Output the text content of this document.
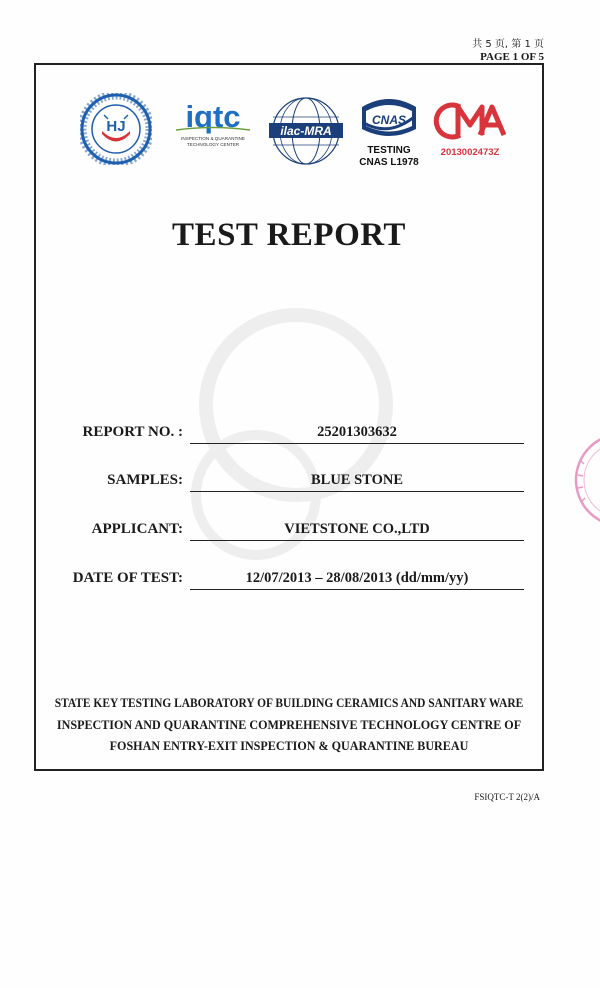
共 5 页, 第 1 页
PAGE 1 OF 5
HJ iqtc
INSPECTION & QUARANTINE
TECHNOLOGY CENTER
ilac-MRA
CNAS
TESTING
CNAS L1978
2013002473Z
TEST REPORT
REPORT NO. :	25201303632
SAMPLES:	BLUE STONE
APPLICANT:	VIETSTONE CO.,LTD
DATE OF TEST:	12/07/2013 – 28/08/2013 (dd/mm/yy)
STATE KEY TESTING LABORATORY OF BUILDING CERAMICS AND SANITARY WARE
INSPECTION AND QUARANTINE COMPREHENSIVE TECHNOLOGY CENTRE OF
FOSHAN ENTRY-EXIT INSPECTION & QUARANTINE BUREAU
FSIQTC-T 2(2)/A
